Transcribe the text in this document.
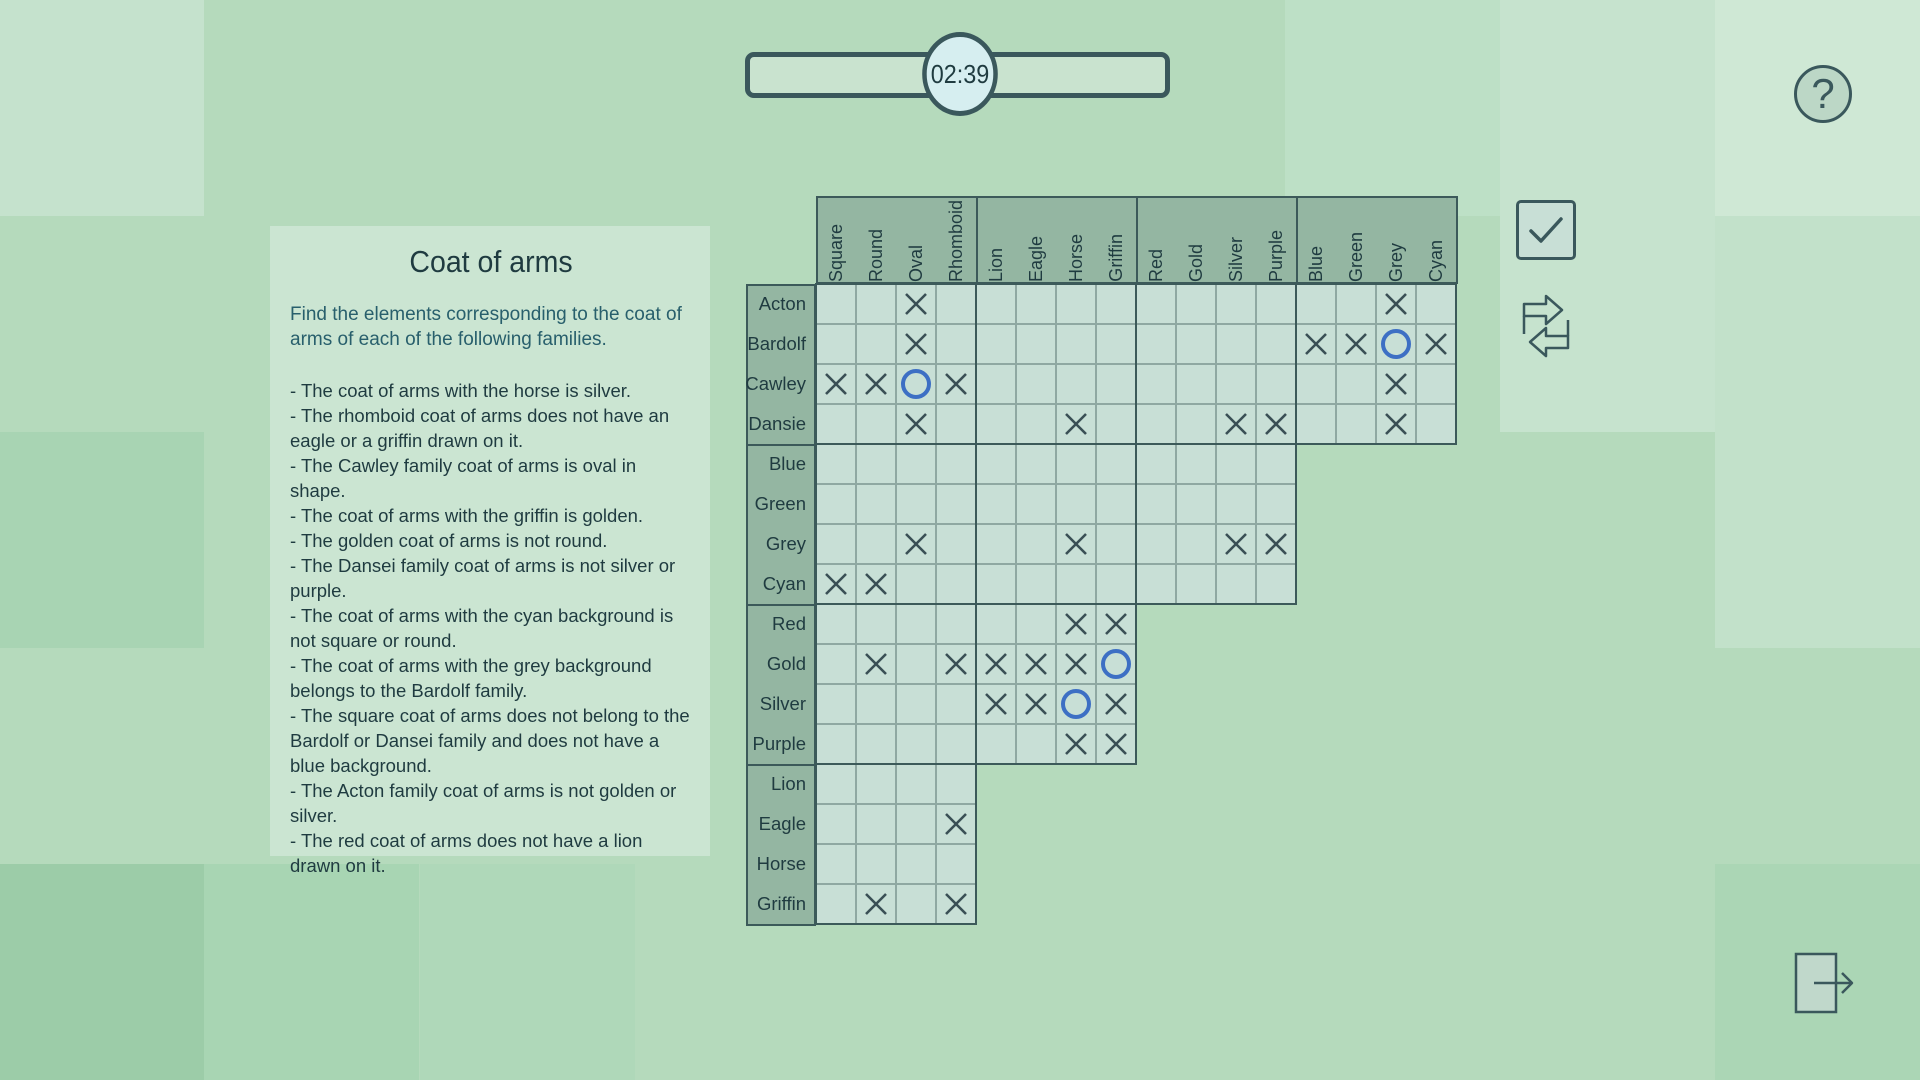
02:39	?
Coat of arms
Find the elements corresponding to the coat of arms of each of the following families.
- The coat of arms with the horse is silver.
- The rhomboid coat of arms does not have an eagle or a griffin drawn on it.
- The Cawley family coat of arms is oval in shape.
- The coat of arms with the griffin is golden.
- The golden coat of arms is not round.
- The Dansei family coat of arms is not silver or purple.
- The coat of arms with the cyan background is not square or round.
- The coat of arms with the grey background belongs to the Bardolf family.
- The square coat of arms does not belong to the Bardolf or Dansei family and does not have a blue background.
- The Acton family coat of arms is not golden or silver.
- The red coat of arms does not have a lion drawn on it.
Square Round Oval Rhomboid Lion Eagle Horse Griffin Red Gold Silver Purple Blue Green Grey Cyan
Acton
Bardolf
Cawley
Dansie
Blue
Green
Grey
Cyan
Red
Gold
Silver
Purple
Lion
Eagle
Horse
Griffin
